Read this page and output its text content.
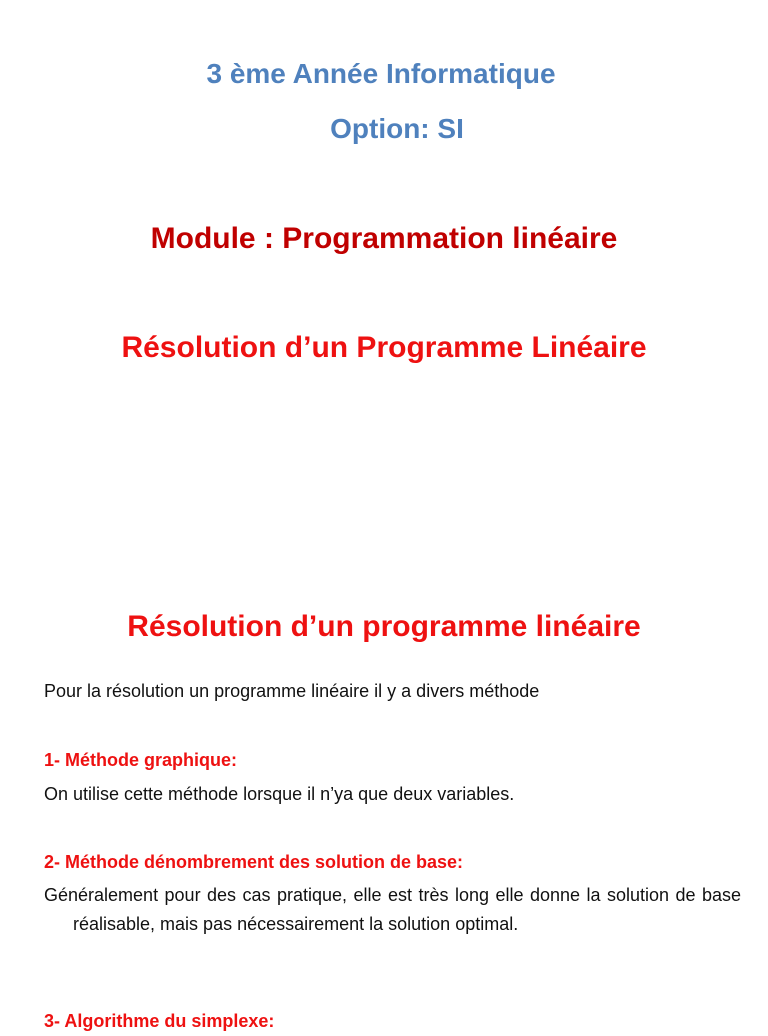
3 ème Année Informatique

Option: SI

Module : Programmation linéaire

Résolution d’un Programme Linéaire

Résolution d’un programme linéaire

Pour la résolution un programme linéaire il y a divers méthode

1- Méthode graphique:

On utilise cette méthode lorsque il n’ya que deux variables.

2- Méthode dénombrement des solution de base:

Généralement pour des cas pratique, elle est très long elle donne la solution de base réalisable, mais pas nécessairement la solution optimal.

3- Algorithme du simplexe:
